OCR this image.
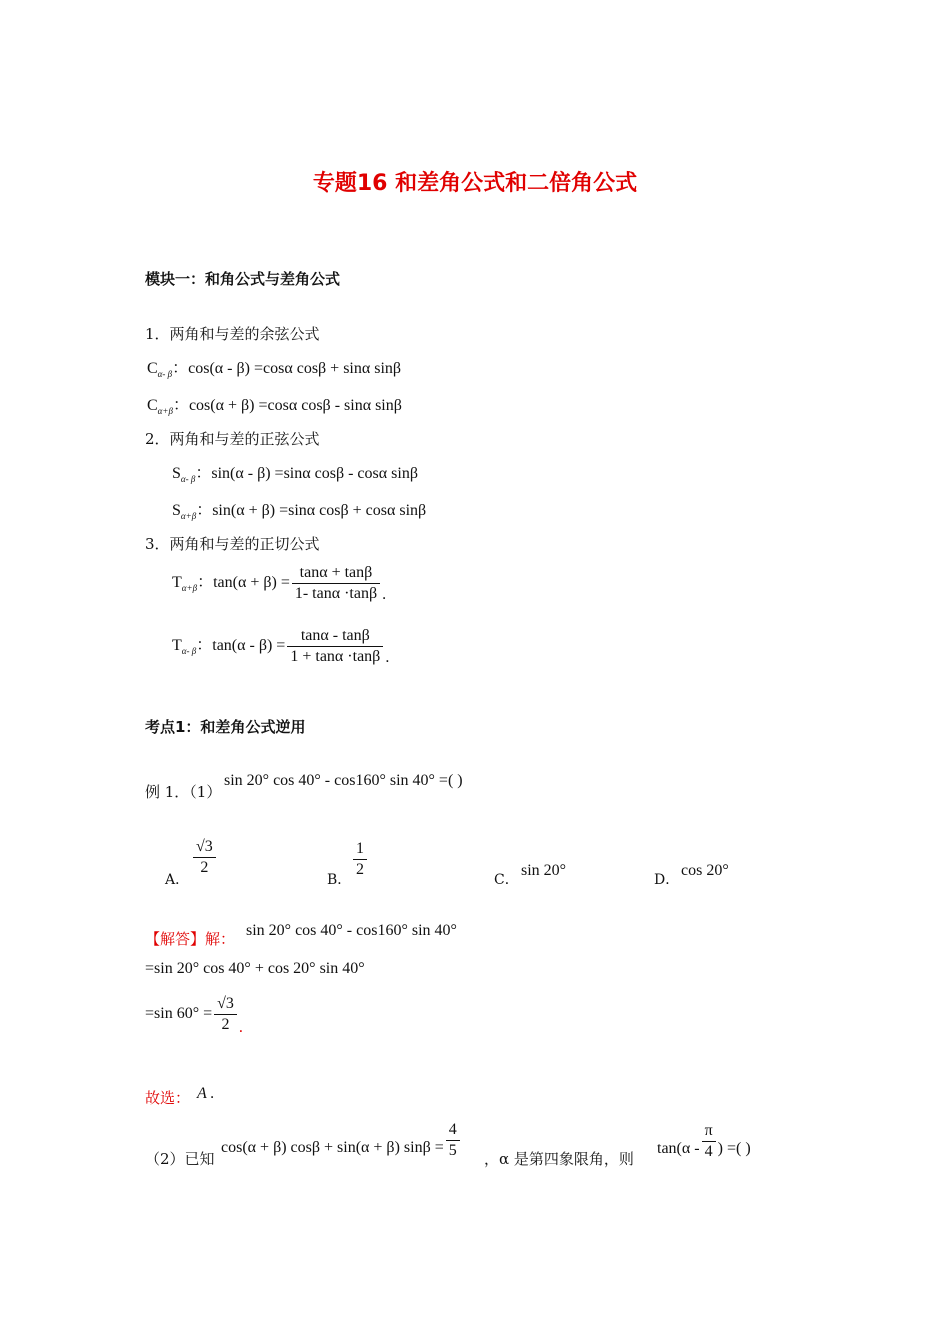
专题16 和差角公式和二倍角公式
模块一：和角公式与差角公式
1．两角和与差的余弦公式
$C_{\alpha- \beta}$：cos(α - β) =cosα cosβ + sinα sinβ
$C_{\alpha+\beta}$：cos(α + β) =cosα cosβ - sinα sinβ
2．两角和与差的正弦公式
$S_{\alpha- \beta}$：sin(α - β) =sinα cosβ - cosα sinβ
$S_{\alpha+\beta}$：sin(α + β) =sinα cosβ + cosα sinβ
3．两角和与差的正切公式
$T_{\alpha+\beta}$：$\tan(\alpha + \beta) = \frac{\tan\alpha + \tan\beta}{1- \tan\alpha \cdot\tan\beta}$ .
$T_{\alpha- \beta}$：$\tan(\alpha - \beta) = \frac{\tan\alpha - \tan\beta}{1 + \tan\alpha \cdot\tan\beta}$ .
考点1：和差角公式逆用
例 1．（1）
sin 20° cos 40° - cos160° sin 40° =( )
A．
$\frac{√3}{2}$
B．
$\frac{1}{2}$
C．
sin 20°
D．
cos 20°
【解答】解： sin 20° cos 40° - cos160° sin 40°
=sin 20° cos 40° + cos 20° sin 40°
=sin $60^\circ = \frac{√3}{2}$ .
故选： A .
（2）已知
cos(α + β) cosβ + sin(α + β) $\sin\beta = \frac{4}{5}$ ，α 是第四象限角，则
$\tan(\alpha - \frac{\pi}{4}$ ) =( )
